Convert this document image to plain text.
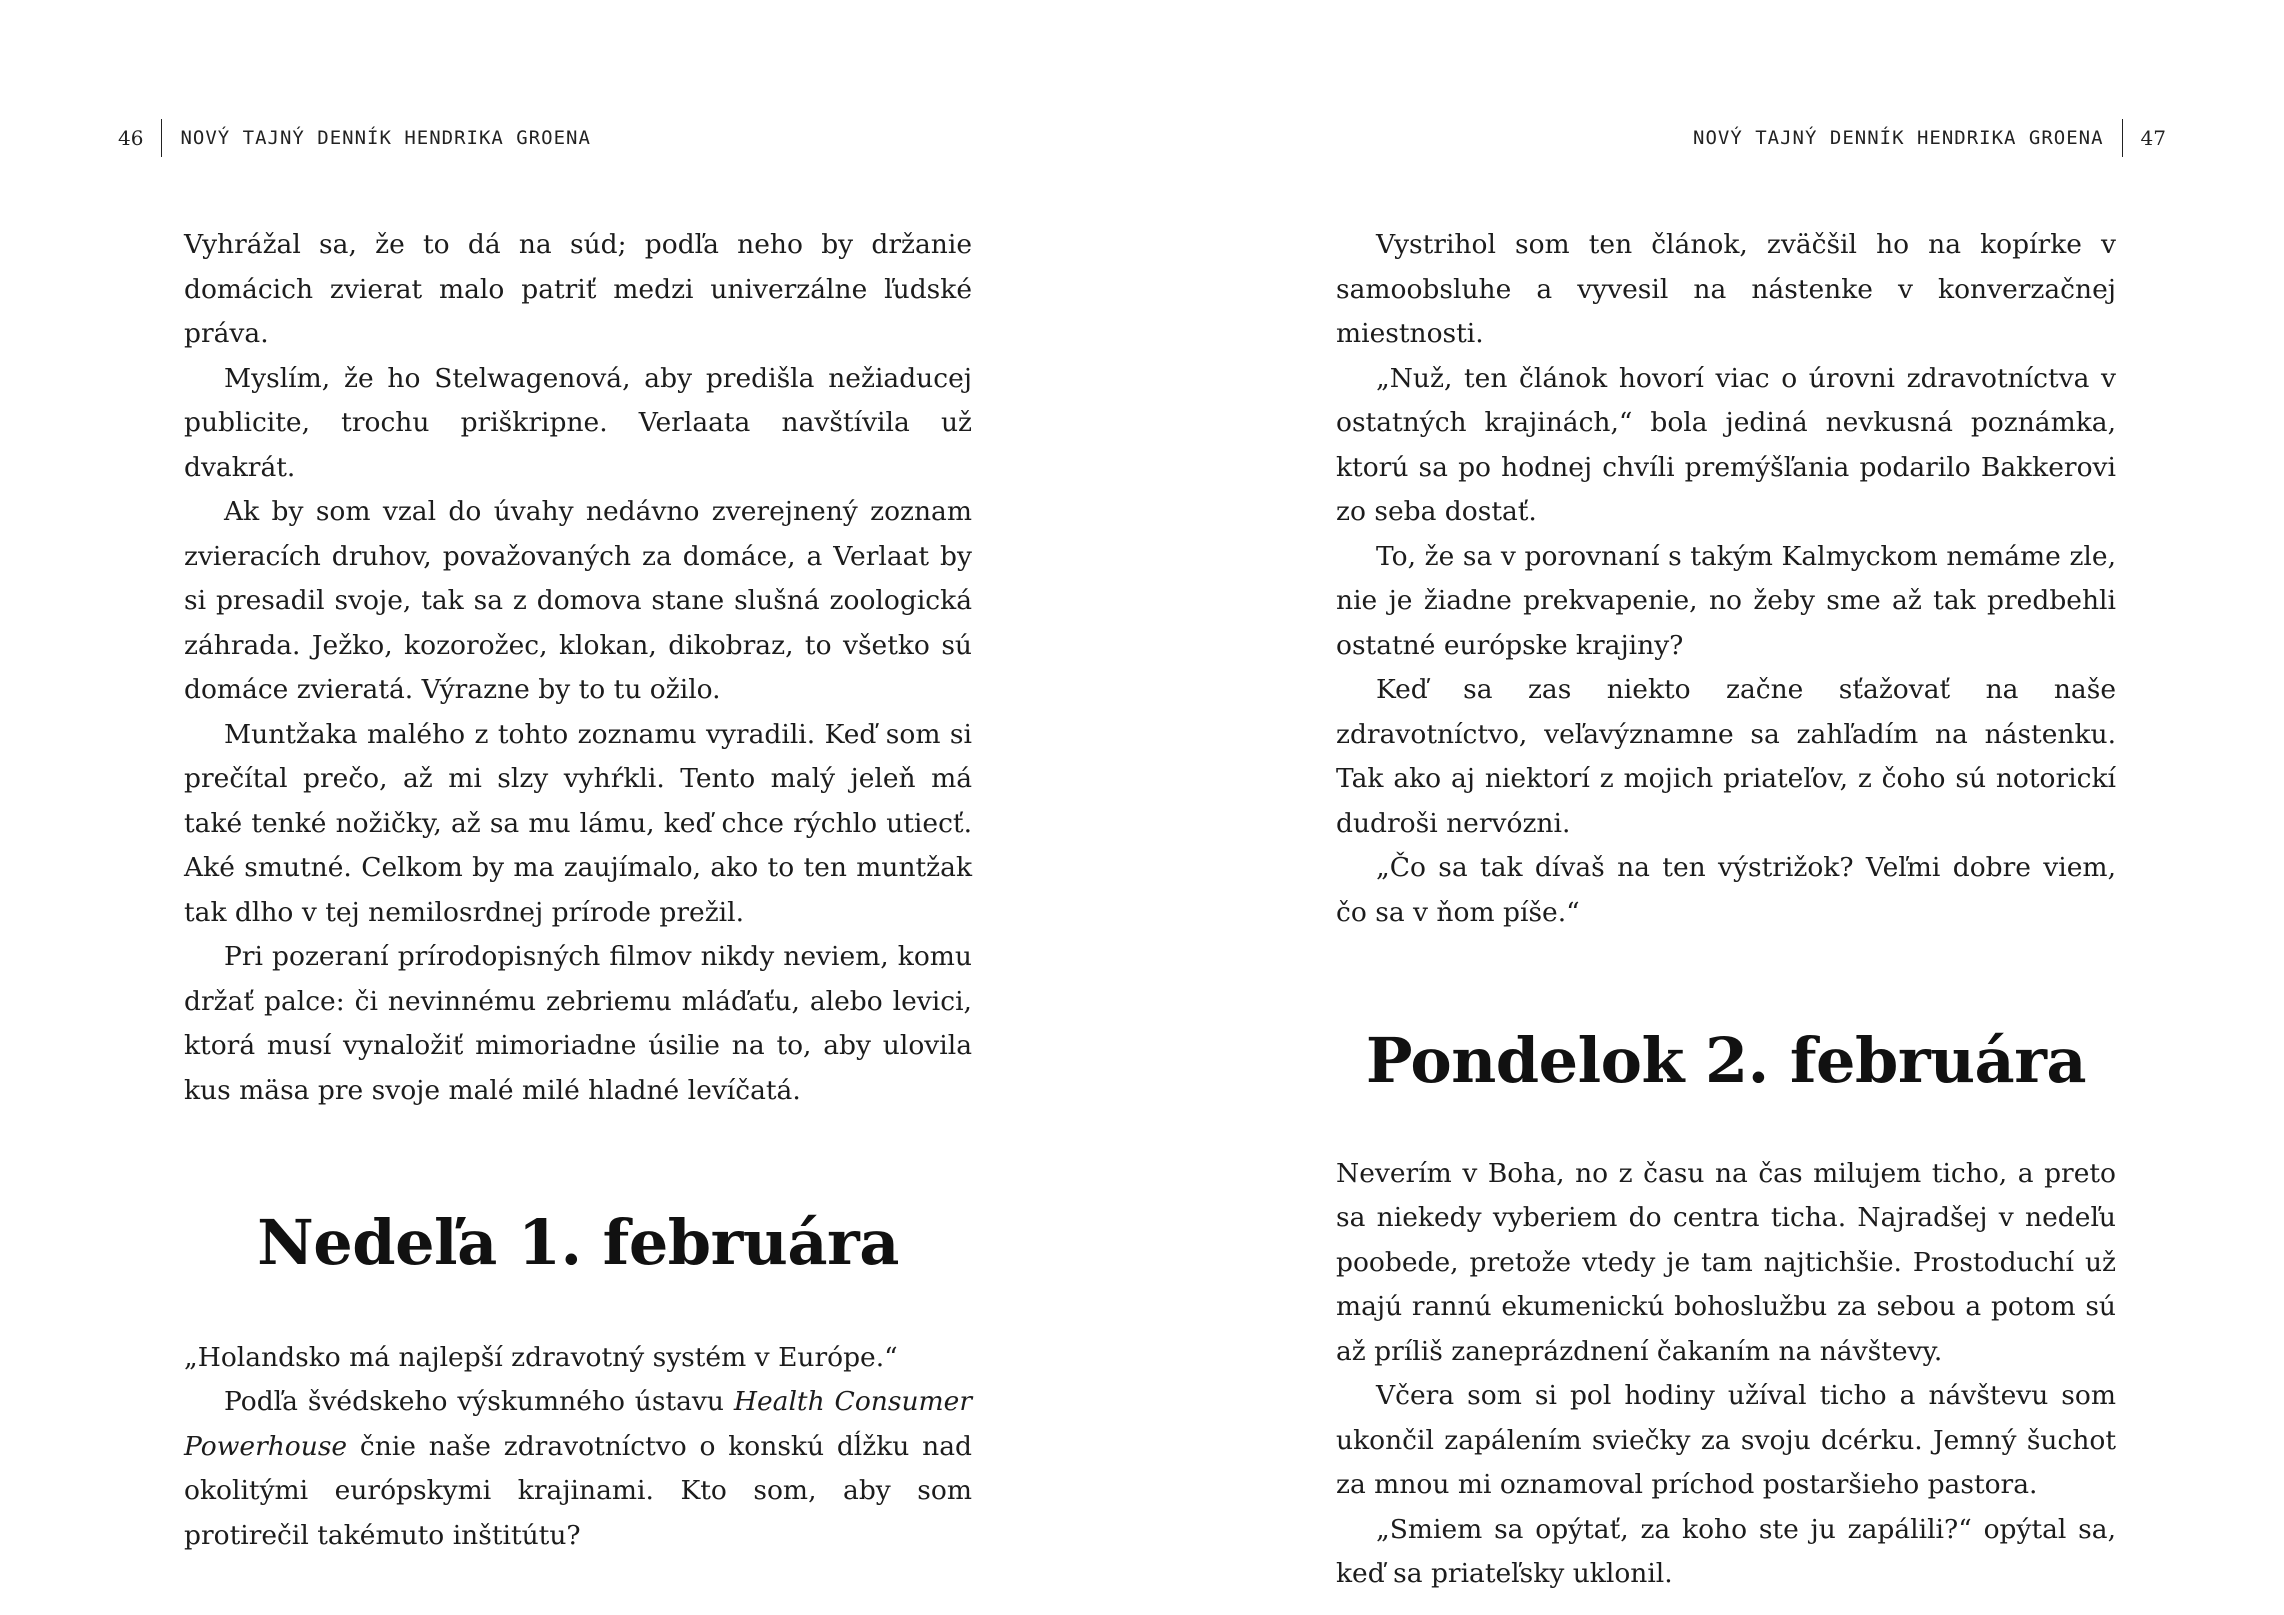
46 NOVÝ TAJNÝ DENNÍK HENDRIKA GROENA

Vyhrážal sa, že to dá na súd; podľa neho by držanie domácich zvierat malo patriť medzi univerzálne ľudské práva.

Myslím, že ho Stelwagenová, aby predišla nežiaducej publicite, trochu priškripne. Verlaata navštívila už dvakrát.

Ak by som vzal do úvahy nedávno zverejnený zoznam zvieracích druhov, považovaných za domáce, a Verlaat by si presadil svoje, tak sa z domova stane slušná zoologická záhrada. Ježko, kozorožec, klokan, dikobraz, to všetko sú domáce zvieratá. Výrazne by to tu ožilo.

Muntžaka malého z tohto zoznamu vyradili. Keď som si prečítal prečo, až mi slzy vyhŕkli. Tento malý jeleň má také tenké nožičky, až sa mu lámu, keď chce rýchlo utiecť. Aké smutné. Celkom by ma zaujímalo, ako to ten muntžak tak dlho v tej nemilosrdnej prírode prežil.

Pri pozeraní prírodopisných filmov nikdy neviem, komu držať palce: či nevinnému zebriemu mláďaťu, alebo levici, ktorá musí vynaložiť mimoriadne úsilie na to, aby ulovila kus mäsa pre svoje malé milé hladné levíčatá.

Nedeľa 1. februára

„Holandsko má najlepší zdravotný systém v Európe.“

Podľa švédskeho výskumného ústavu Health Consumer Powerhouse čnie naše zdravotníctvo o konskú dĺžku nad okolitými európskymi krajinami. Kto som, aby som protirečil takémuto inštitútu?

NOVÝ TAJNÝ DENNÍK HENDRIKA GROENA 47

Vystrihol som ten článok, zväčšil ho na kopírke v samoobsluhe a vyvesil na nástenke v konverzačnej miestnosti.

„Nuž, ten článok hovorí viac o úrovni zdravotníctva v ostatných krajinách,“ bola jediná nevkusná poznámka, ktorú sa po hodnej chvíli premýšľania podarilo Bakkerovi zo seba dostať.

To, že sa v porovnaní s takým Kalmyckom nemáme zle, nie je žiadne prekvapenie, no žeby sme až tak predbehli ostatné európske krajiny?

Keď sa zas niekto začne sťažovať na naše zdravotníctvo, veľavýznamne sa zahľadím na nástenku. Tak ako aj niektorí z mojich priateľov, z čoho sú notorickí dudroši nervózni.

„Čo sa tak dívaš na ten výstrižok? Veľmi dobre viem, čo sa v ňom píše.“

Pondelok 2. februára

Neverím v Boha, no z času na čas milujem ticho, a preto sa niekedy vyberiem do centra ticha. Najradšej v nedeľu poobede, pretože vtedy je tam najtichšie. Prostoduchí už majú rannú ekumenickú bohoslužbu za sebou a potom sú až príliš zaneprázdnení čakaním na návštevy.

Včera som si pol hodiny užíval ticho a návštevu som ukončil zapálením sviečky za svoju dcérku. Jemný šuchot za mnou mi oznamoval príchod postaršieho pastora.

„Smiem sa opýtať, za koho ste ju zapálili?“ opýtal sa, keď sa priateľsky uklonil.
